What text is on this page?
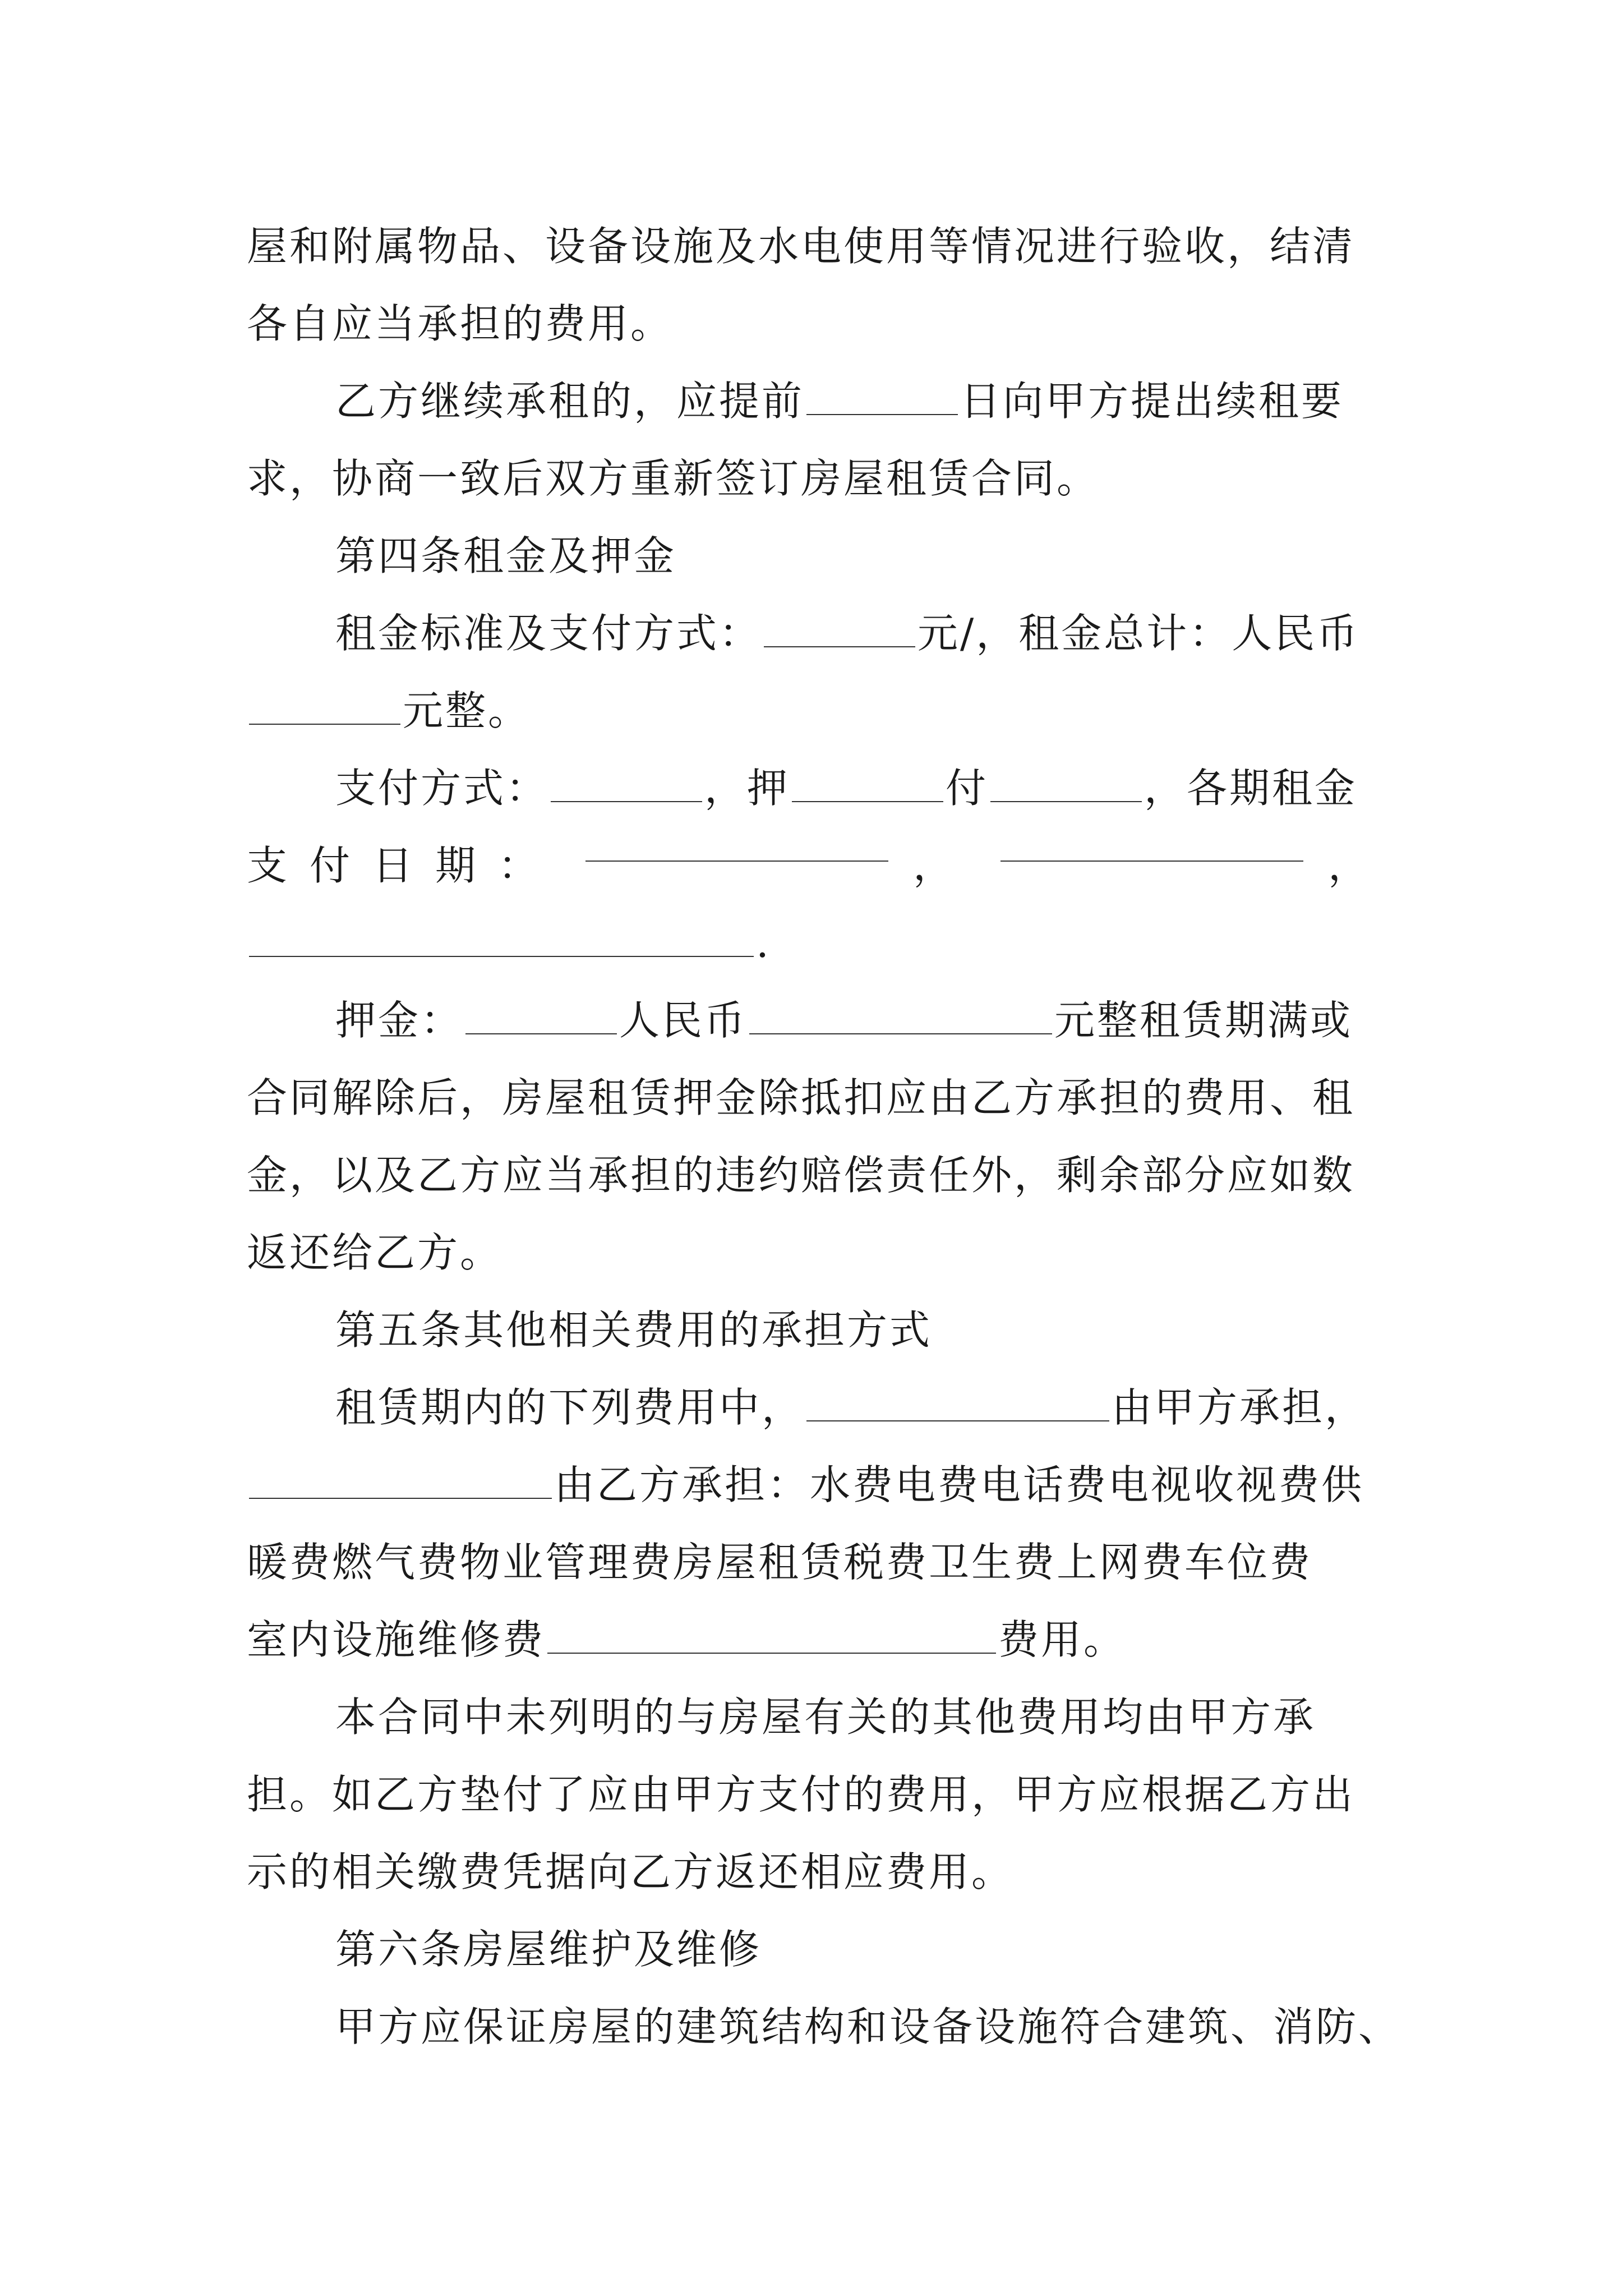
屋和附属物品、设备设施及水电使用等情况进行验收，结清
各自应当承担的费用。
乙方继续承租的，应提前	日向甲方提出续租要
求，协商一致后双方重新签订房屋租赁合同。
第四条租金及押金
租金标准及支付方式：	元/，租金总计：人民币
元整。
支付方式：	，押	付	，各期租金
支付日期：	，	，
.
押金：	人民币	元整租赁期满或
合同解除后，房屋租赁押金除抵扣应由乙方承担的费用、租
金，以及乙方应当承担的违约赔偿责任外，剩余部分应如数
返还给乙方。
第五条其他相关费用的承担方式
租赁期内的下列费用中，	由甲方承担，
由乙方承担：水费电费电话费电视收视费供
暖费燃气费物业管理费房屋租赁税费卫生费上网费车位费
室内设施维修费	费用。
本合同中未列明的与房屋有关的其他费用均由甲方承
担。如乙方垫付了应由甲方支付的费用，甲方应根据乙方出
示的相关缴费凭据向乙方返还相应费用。
第六条房屋维护及维修
甲方应保证房屋的建筑结构和设备设施符合建筑、消防、
